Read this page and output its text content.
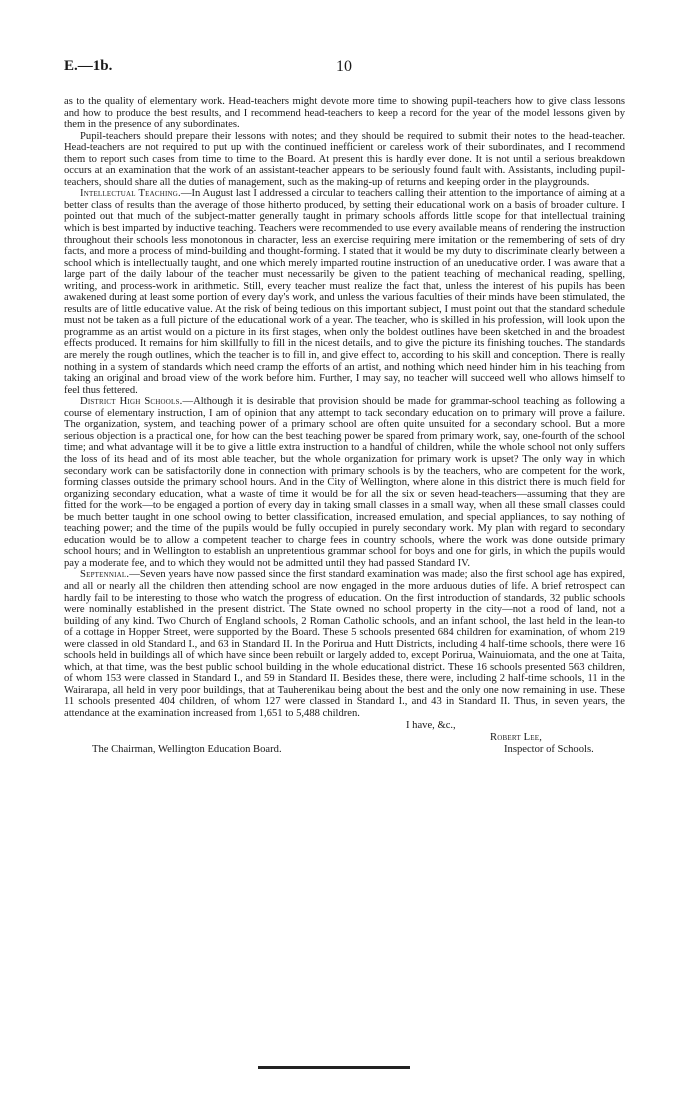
E.—1b.	10

as to the quality of elementary work. Head-teachers might devote more time to showing pupil-teachers how to give class lessons and how to produce the best results, and I recommend head-teachers to keep a record for the year of the model lessons given by them in the presence of any subordinates.

Pupil-teachers should prepare their lessons with notes; and they should be required to submit their notes to the head-teacher. Head-teachers are not required to put up with the continued inefficient or careless work of their subordinates, and I recommend them to report such cases from time to time to the Board. At present this is hardly ever done. It is not until a serious breakdown occurs at an examination that the work of an assistant-teacher appears to be seriously found fault with. Assistants, including pupil-teachers, should share all the duties of management, such as the making-up of returns and keeping order in the playgrounds.

Intellectual Teaching.—In August last I addressed a circular to teachers calling their attention to the importance of aiming at a better class of results than the average of those hitherto produced, by setting their educational work on a basis of broader culture. I pointed out that much of the subject-matter generally taught in primary schools affords little scope for that intellectual training which is best imparted by inductive teaching. Teachers were recommended to use every available means of rendering the instruction throughout their schools less monotonous in character, less an exercise requiring mere imitation or the remembering of sets of dry facts, and more a process of mind-building and thought-forming. I stated that it would be my duty to discriminate clearly between a school which is intellectually taught, and one which merely imparted routine instruction of an uneducative order. I was aware that a large part of the daily labour of the teacher must necessarily be given to the patient teaching of mechanical reading, spelling, writing, and process-work in arithmetic. Still, every teacher must realize the fact that, unless the interest of his pupils has been awakened during at least some portion of every day's work, and unless the various faculties of their minds have been stimulated, the results are of little educative value. At the risk of being tedious on this important subject, I must point out that the standard schedule must not be taken as a full picture of the educational work of a year. The teacher, who is skilled in his profession, will look upon the programme as an artist would on a picture in its first stages, when only the boldest outlines have been sketched in and the broadest effects produced. It remains for him skillfully to fill in the nicest details, and to give the picture its finishing touches. The standards are merely the rough outlines, which the teacher is to fill in, and give effect to, according to his skill and conception. There is really nothing in a system of standards which need cramp the efforts of an artist, and nothing which need hinder him in his teaching from taking an original and broad view of the work before him. Further, I may say, no teacher will succeed well who allows himself to feel thus fettered.

District High Schools.—Although it is desirable that provision should be made for grammar-school teaching as following a course of elementary instruction, I am of opinion that any attempt to tack secondary education on to primary will prove a failure. The organization, system, and teaching power of a primary school are often quite unsuited for a secondary school. But a more serious objection is a practical one, for how can the best teaching power be spared from primary work, say, one-fourth of the school time; and what advantage will it be to give a little extra instruction to a handful of children, while the whole school not only suffers the loss of its head and of its most able teacher, but the whole organization for primary work is upset? The only way in which secondary work can be satisfactorily done in connection with primary schools is by the teachers, who are competent for the work, forming classes outside the primary school hours. And in the City of Wellington, where alone in this district there is much field for organizing secondary education, what a waste of time it would be for all the six or seven head-teachers—assuming that they are fitted for the work—to be engaged a portion of every day in taking small classes in a small way, when all these small classes could be much better taught in one school owing to better classification, increased emulation, and special appliances, to say nothing of teaching power; and the time of the pupils would be fully occupied in purely secondary work. My plan with regard to secondary education would be to allow a competent teacher to charge fees in country schools, where the work was done outside primary school hours; and in Wellington to establish an unpretentious grammar school for boys and one for girls, in which the pupils would pay a moderate fee, and to which they would not be admitted until they had passed Standard IV.

Septennial.—Seven years have now passed since the first standard examination was made; also the first school age has expired, and all or nearly all the children then attending school are now engaged in the more arduous duties of life. A brief retrospect can hardly fail to be interesting to those who watch the progress of education. On the first introduction of standards, 32 public schools were nominally established in the present district. The State owned no school property in the city—not a rood of land, not a building of any kind. Two Church of England schools, 2 Roman Catholic schools, and an infant school, the last held in the lean-to of a cottage in Hopper Street, were supported by the Board. These 5 schools presented 684 children for examination, of whom 219 were classed in old Standard I., and 63 in Standard II. In the Porirua and Hutt Districts, including 4 half-time schools, there were 16 schools held in buildings all of which have since been rebuilt or largely added to, except Porirua, Wainuiomata, and the one at Taita, which, at that time, was the best public school building in the whole educational district. These 16 schools presented 563 children, of whom 153 were classed in Standard I., and 59 in Standard II. Besides these, there were, including 2 half-time schools, 11 in the Wairarapa, all held in very poor buildings, that at Tauherenikau being about the best and the only one now remaining in use. These 11 schools presented 404 children, of whom 127 were classed in Standard I., and 43 in Standard II. Thus, in seven years, the attendance at the examination increased from 1,651 to 5,488 children.

I have, &c.,
Robert Lee,
Inspector of Schools.
The Chairman, Wellington Education Board.
